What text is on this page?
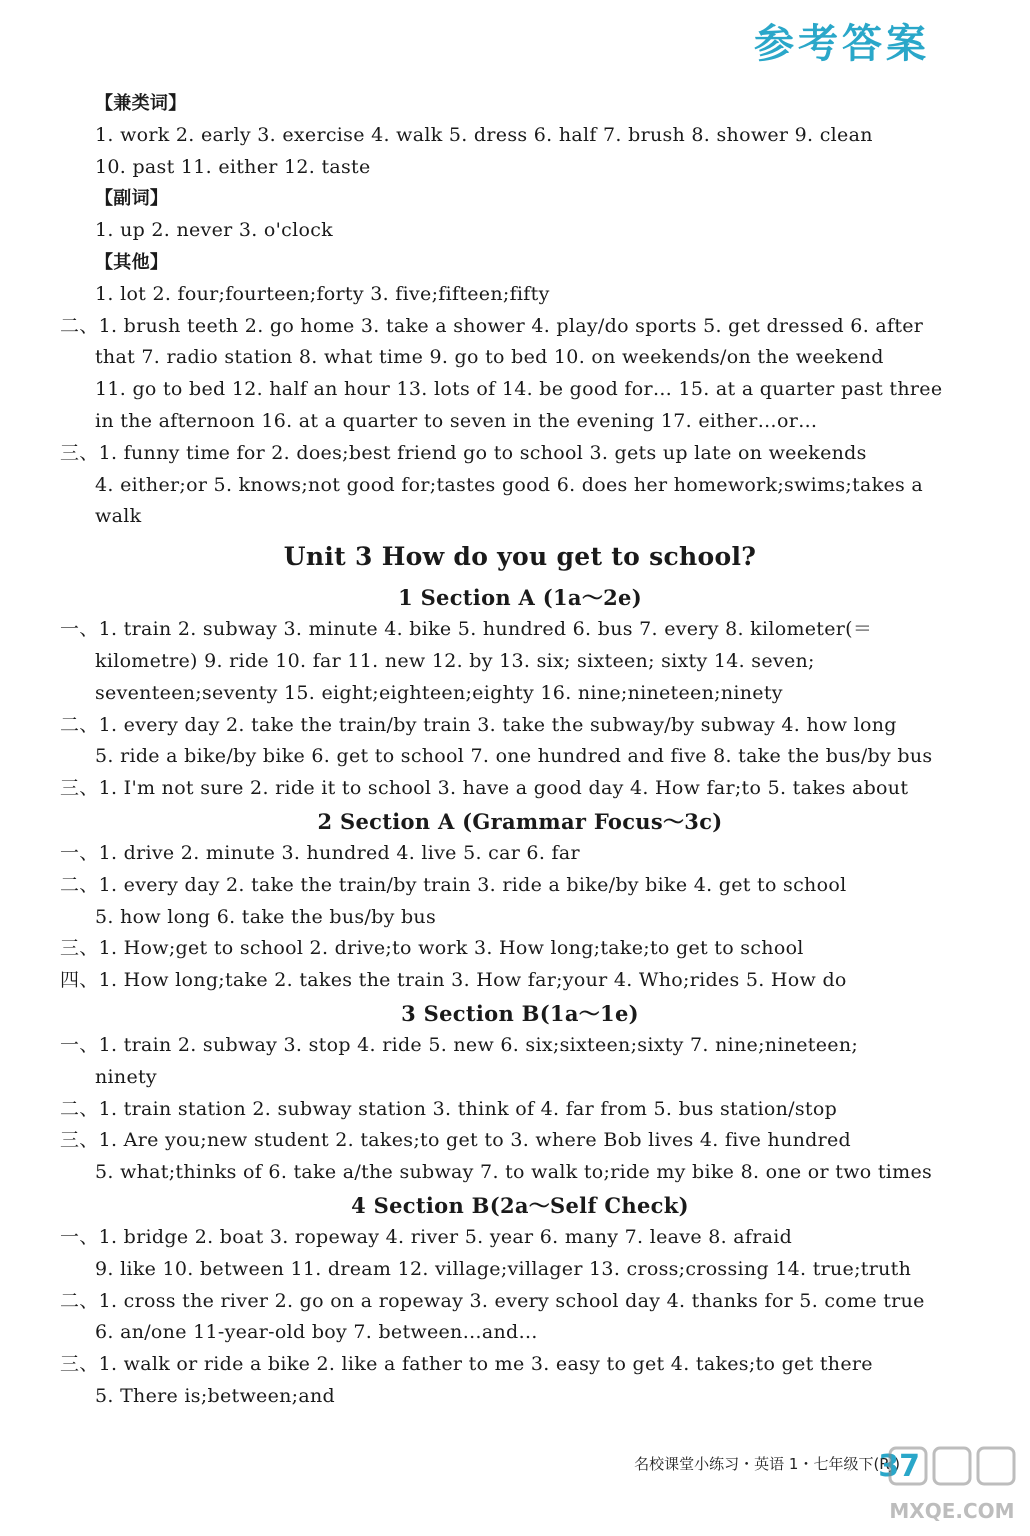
参考答案
【兼类词】
1. work 2. early 3. exercise 4. walk 5. dress 6. half 7. brush 8. shower 9. clean
10. past 11. either 12. taste
【副词】
1. up 2. never 3. o'clock
【其他】
1. lot 2. four;fourteen;forty 3. five;fifteen;fifty
二、1. brush teeth 2. go home 3. take a shower 4. play/do sports 5. get dressed 6. after
that 7. radio station 8. what time 9. go to bed 10. on weekends/on the weekend
11. go to bed 12. half an hour 13. lots of 14. be good for… 15. at a quarter past three
in the afternoon 16. at a quarter to seven in the evening 17. either…or…
三、1. funny time for 2. does;best friend go to school 3. gets up late on weekends
4. either;or 5. knows;not good for;tastes good 6. does her homework;swims;takes a
walk
Unit 3 How do you get to school?
1 Section A (1a～2e)
一、1. train 2. subway 3. minute 4. bike 5. hundred 6. bus 7. every 8. kilometer(＝
kilometre) 9. ride 10. far 11. new 12. by 13. six; sixteen; sixty 14. seven;
seventeen;seventy 15. eight;eighteen;eighty 16. nine;nineteen;ninety
二、1. every day 2. take the train/by train 3. take the subway/by subway 4. how long
5. ride a bike/by bike 6. get to school 7. one hundred and five 8. take the bus/by bus
三、1. I'm not sure 2. ride it to school 3. have a good day 4. How far;to 5. takes about
2 Section A (Grammar Focus～3c)
一、1. drive 2. minute 3. hundred 4. live 5. car 6. far
二、1. every day 2. take the train/by train 3. ride a bike/by bike 4. get to school
5. how long 6. take the bus/by bus
三、1. How;get to school 2. drive;to work 3. How long;take;to get to school
四、1. How long;take 2. takes the train 3. How far;your 4. Who;rides 5. How do
3 Section B(1a～1e)
一、1. train 2. subway 3. stop 4. ride 5. new 6. six;sixteen;sixty 7. nine;nineteen;
ninety
二、1. train station 2. subway station 3. think of 4. far from 5. bus station/stop
三、1. Are you;new student 2. takes;to get to 3. where Bob lives 4. five hundred
5. what;thinks of 6. take a/the subway 7. to walk to;ride my bike 8. one or two times
4 Section B(2a～Self Check)
一、1. bridge 2. boat 3. ropeway 4. river 5. year 6. many 7. leave 8. afraid
9. like 10. between 11. dream 12. village;villager 13. cross;crossing 14. true;truth
二、1. cross the river 2. go on a ropeway 3. every school day 4. thanks for 5. come true
6. an/one 11-year-old boy 7. between…and…
三、1. walk or ride a bike 2. like a father to me 3. easy to get 4. takes;to get there
5. There is;between;and
名校课堂小练习・英语 1・七年级下(RJ)
37
MXQE.COM
